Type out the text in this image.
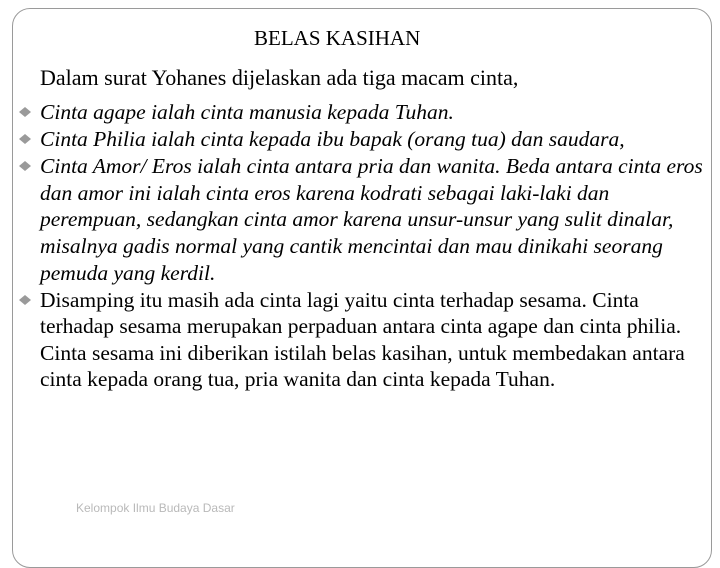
BELAS KASIHAN

Dalam surat Yohanes dijelaskan ada tiga macam cinta,

Cinta agape ialah cinta manusia kepada Tuhan.
Cinta Philia ialah cinta kepada ibu bapak (orang tua) dan saudara,
Cinta Amor/ Eros ialah cinta antara pria dan wanita. Beda antara cinta eros dan amor ini ialah cinta eros karena kodrati sebagai laki-laki dan perempuan, sedangkan cinta amor karena unsur-unsur yang sulit dinalar, misalnya gadis normal yang cantik mencintai dan mau dinikahi seorang pemuda yang kerdil.
Disamping itu masih ada cinta lagi yaitu cinta terhadap sesama. Cinta terhadap sesama merupakan perpaduan antara cinta agape dan cinta philia. Cinta sesama ini diberikan istilah belas kasihan, untuk membedakan antara cinta kepada orang tua, pria wanita dan cinta kepada Tuhan.
Kelompok Ilmu Budaya Dasar
